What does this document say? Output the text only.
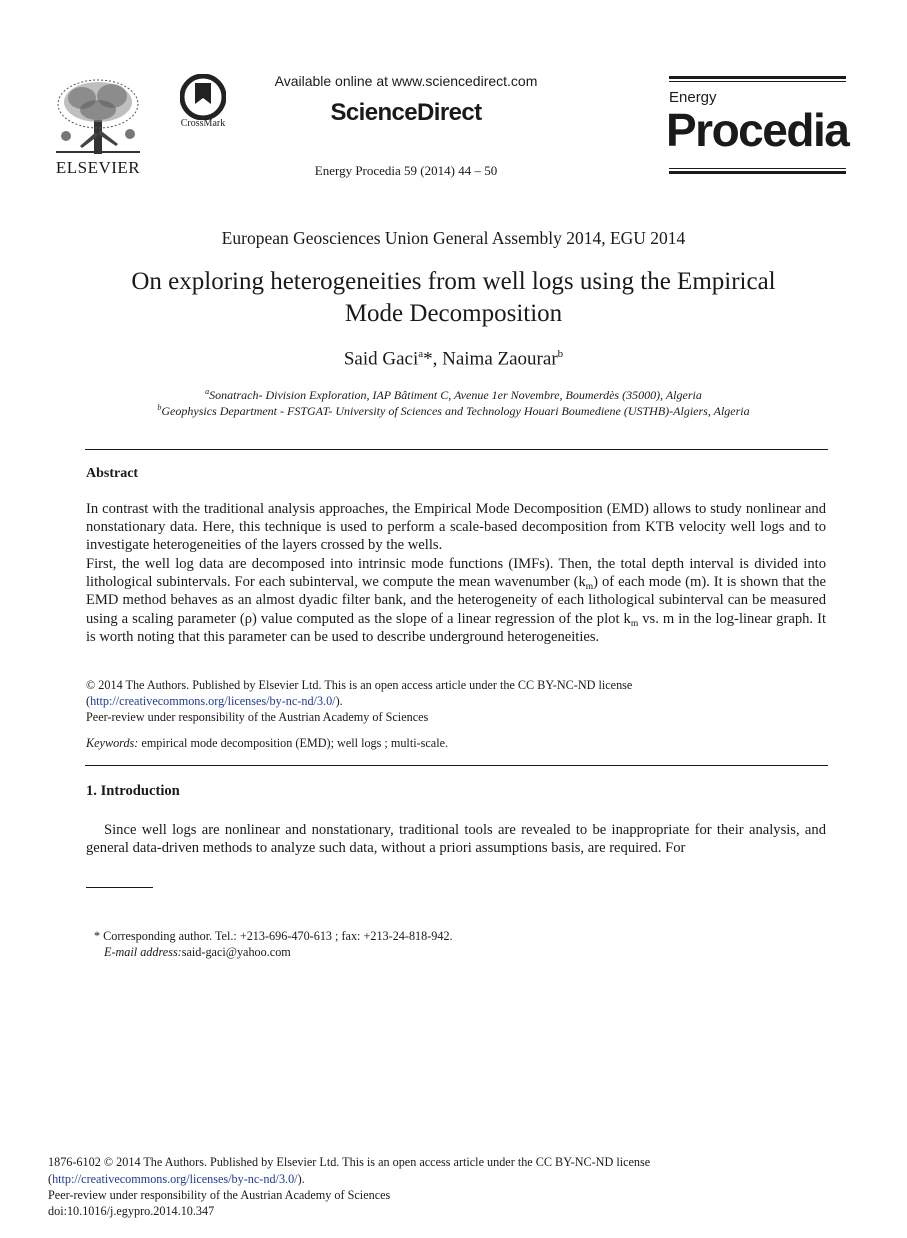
ELSEVIER
CrossMark
Available online at www.sciencedirect.com
ScienceDirect
Energy Procedia 59 (2014) 44 – 50
Energy
Procedia
European Geosciences Union General Assembly 2014, EGU 2014
On exploring heterogeneities from well logs using the Empirical
Mode Decomposition
Said Gaci$^a$*, Naima Zaourar$^b$
$^a$Sonatrach- Division Exploration, IAP Bâtiment C, Avenue 1er Novembre, Boumerdès (35000), Algeria
$^b$Geophysics Department - FSTGAT- University of Sciences and Technology Houari Boumediene (USTHB)-Algiers, Algeria
Abstract
In contrast with the traditional analysis approaches, the Empirical Mode Decomposition (EMD) allows to study nonlinear and nonstationary data. Here, this technique is used to perform a scale-based decomposition from KTB velocity well logs and to investigate heterogeneities of the layers crossed by the wells.
First, the well log data are decomposed into intrinsic mode functions (IMFs). Then, the total depth interval is divided into lithological subintervals. For each subinterval, we compute the mean wavenumber $(k_m)$ of each mode (m). It is shown that the EMD method behaves as an almost dyadic filter bank, and the heterogeneity of each lithological subinterval can be measured using a scaling parameter (ρ) value computed as the slope of a linear regression of the plot $k_m$ vs. m in the log-linear graph. It is worth noting that this parameter can be used to describe underground heterogeneities.
© 2014 The Authors. Published by Elsevier Ltd. This is an open access article under the CC BY-NC-ND license
(http://creativecommons.org/licenses/by-nc-nd/3.0/).
Peer-review under responsibility of the Austrian Academy of Sciences
Keywords: empirical mode decomposition (EMD); well logs ; multi-scale.
1. Introduction
Since well logs are nonlinear and nonstationary, traditional tools are revealed to be inappropriate for their analysis, and general data-driven methods to analyze such data, without a priori assumptions basis, are required. For
* Corresponding author. Tel.: +213-696-470-613 ; fax: +213-24-818-942.
E-mail address:said-gaci@yahoo.com
1876-6102 © 2014 The Authors. Published by Elsevier Ltd. This is an open access article under the CC BY-NC-ND license
(http://creativecommons.org/licenses/by-nc-nd/3.0/).
Peer-review under responsibility of the Austrian Academy of Sciences
doi:10.1016/j.egypro.2014.10.347
